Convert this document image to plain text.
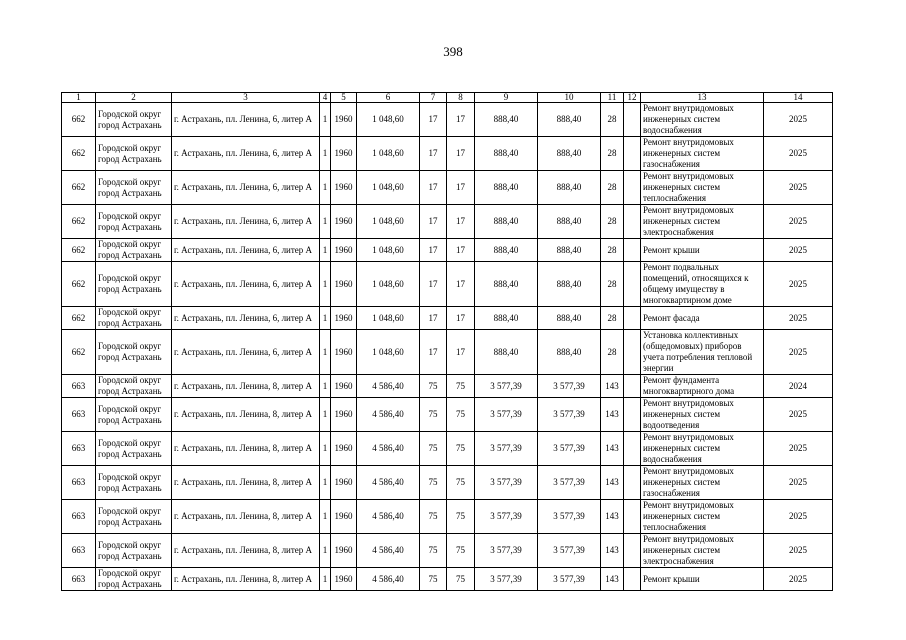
398
1	2	3	4	5	6	7	8	9	10	11	12	13	14
662	Городской округ город Астрахань	г. Астрахань, пл. Ленина, 6, литер А	1	1960	1 048,60	17	17	888,40	888,40	28		Ремонт внутридомовых инженерных систем водоснабжения	2025
662	Городской округ город Астрахань	г. Астрахань, пл. Ленина, 6, литер А	1	1960	1 048,60	17	17	888,40	888,40	28		Ремонт внутридомовых инженерных систем газоснабжения	2025
662	Городской округ город Астрахань	г. Астрахань, пл. Ленина, 6, литер А	1	1960	1 048,60	17	17	888,40	888,40	28		Ремонт внутридомовых инженерных систем теплоснабжения	2025
662	Городской округ город Астрахань	г. Астрахань, пл. Ленина, 6, литер А	1	1960	1 048,60	17	17	888,40	888,40	28		Ремонт внутридомовых инженерных систем электроснабжения	2025
662	Городской округ город Астрахань	г. Астрахань, пл. Ленина, 6, литер А	1	1960	1 048,60	17	17	888,40	888,40	28		Ремонт крыши	2025
662	Городской округ город Астрахань	г. Астрахань, пл. Ленина, 6, литер А	1	1960	1 048,60	17	17	888,40	888,40	28		Ремонт подвальных помещений, относящихся к общему имуществу в многоквартирном доме	2025
662	Городской округ город Астрахань	г. Астрахань, пл. Ленина, 6, литер А	1	1960	1 048,60	17	17	888,40	888,40	28		Ремонт фасада	2025
662	Городской округ город Астрахань	г. Астрахань, пл. Ленина, 6, литер А	1	1960	1 048,60	17	17	888,40	888,40	28		Установка коллективных (общедомовых) приборов учета потребления тепловой энергии	2025
663	Городской округ город Астрахань	г. Астрахань, пл. Ленина, 8, литер А	1	1960	4 586,40	75	75	3 577,39	3 577,39	143		Ремонт фундамента многоквартирного дома	2024
663	Городской округ город Астрахань	г. Астрахань, пл. Ленина, 8, литер А	1	1960	4 586,40	75	75	3 577,39	3 577,39	143		Ремонт внутридомовых инженерных систем водоотведения	2025
663	Городской округ город Астрахань	г. Астрахань, пл. Ленина, 8, литер А	1	1960	4 586,40	75	75	3 577,39	3 577,39	143		Ремонт внутридомовых инженерных систем водоснабжения	2025
663	Городской округ город Астрахань	г. Астрахань, пл. Ленина, 8, литер А	1	1960	4 586,40	75	75	3 577,39	3 577,39	143		Ремонт внутридомовых инженерных систем газоснабжения	2025
663	Городской округ город Астрахань	г. Астрахань, пл. Ленина, 8, литер А	1	1960	4 586,40	75	75	3 577,39	3 577,39	143		Ремонт внутридомовых инженерных систем теплоснабжения	2025
663	Городской округ город Астрахань	г. Астрахань, пл. Ленина, 8, литер А	1	1960	4 586,40	75	75	3 577,39	3 577,39	143		Ремонт внутридомовых инженерных систем электроснабжения	2025
663	Городской округ город Астрахань	г. Астрахань, пл. Ленина, 8, литер А	1	1960	4 586,40	75	75	3 577,39	3 577,39	143		Ремонт крыши	2025
